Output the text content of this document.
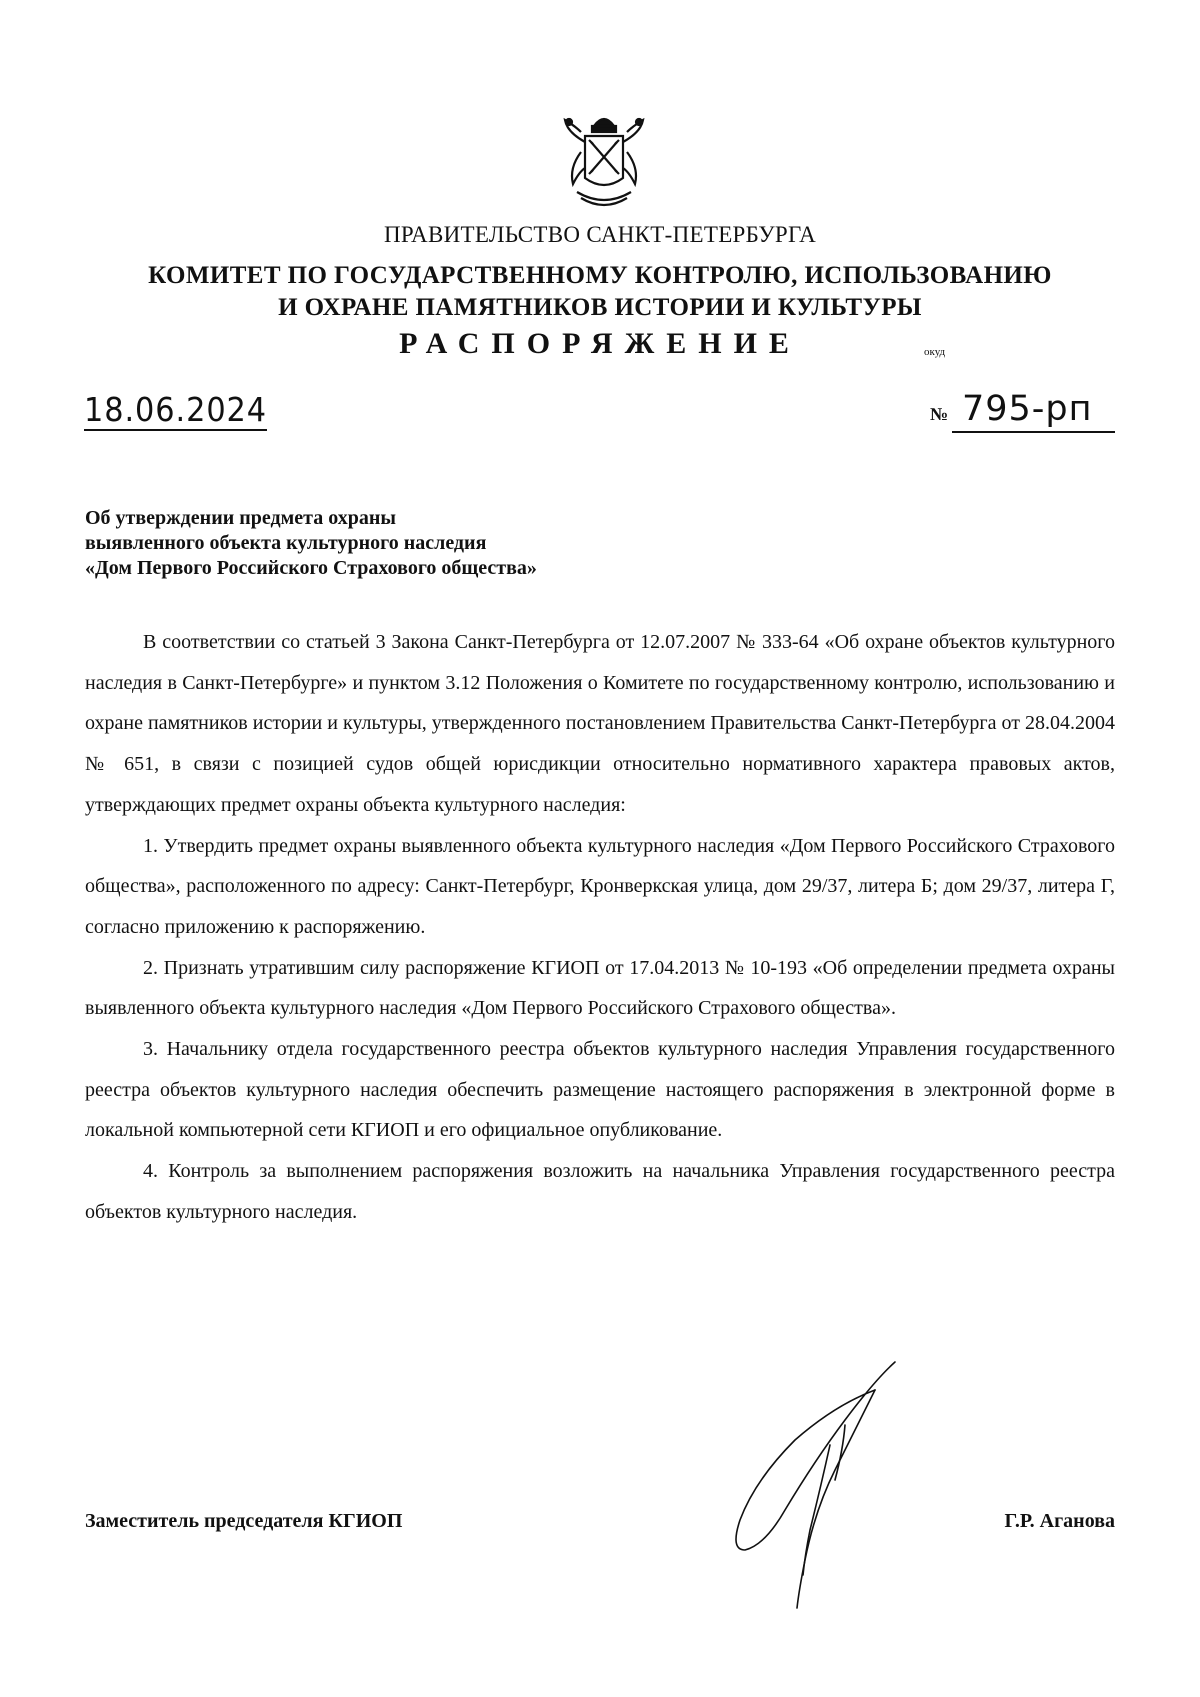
ПРАВИТЕЛЬСТВО САНКТ-ПЕТЕРБУРГА
КОМИТЕТ ПО ГОСУДАРСТВЕННОМУ КОНТРОЛЮ, ИСПОЛЬЗОВАНИЮ
И ОХРАНЕ ПАМЯТНИКОВ ИСТОРИИ И КУЛЬТУРЫ
РАСПОРЯЖЕНИЕ	окуд
18.06.2024	№ 795-рп
Об утверждении предмета охраны
выявленного объекта культурного наследия
«Дом Первого Российского Страхового общества»

В соответствии со статьей 3 Закона Санкт-Петербурга от 12.07.2007 № 333-64 «Об охране объектов культурного наследия в Санкт-Петербурге» и пунктом 3.12 Положения о Комитете по государственному контролю, использованию и охране памятников истории и культуры, утвержденного постановлением Правительства Санкт-Петербурга от 28.04.2004 № 651, в связи с позицией судов общей юрисдикции относительно нормативного характера правовых актов, утверждающих предмет охраны объекта культурного наследия:

1. Утвердить предмет охраны выявленного объекта культурного наследия «Дом Первого Российского Страхового общества», расположенного по адресу: Санкт-Петербург, Кронверкская улица, дом 29/37, литера Б; дом 29/37, литера Г, согласно приложению к распоряжению.

2. Признать утратившим силу распоряжение КГИОП от 17.04.2013 № 10-193 «Об определении предмета охраны выявленного объекта культурного наследия «Дом Первого Российского Страхового общества».

3. Начальнику отдела государственного реестра объектов культурного наследия Управления государственного реестра объектов культурного наследия обеспечить размещение настоящего распоряжения в электронной форме в локальной компьютерной сети КГИОП и его официальное опубликование.

4. Контроль за выполнением распоряжения возложить на начальника Управления государственного реестра объектов культурного наследия.

Заместитель председателя КГИОП	Г.Р. Аганова
